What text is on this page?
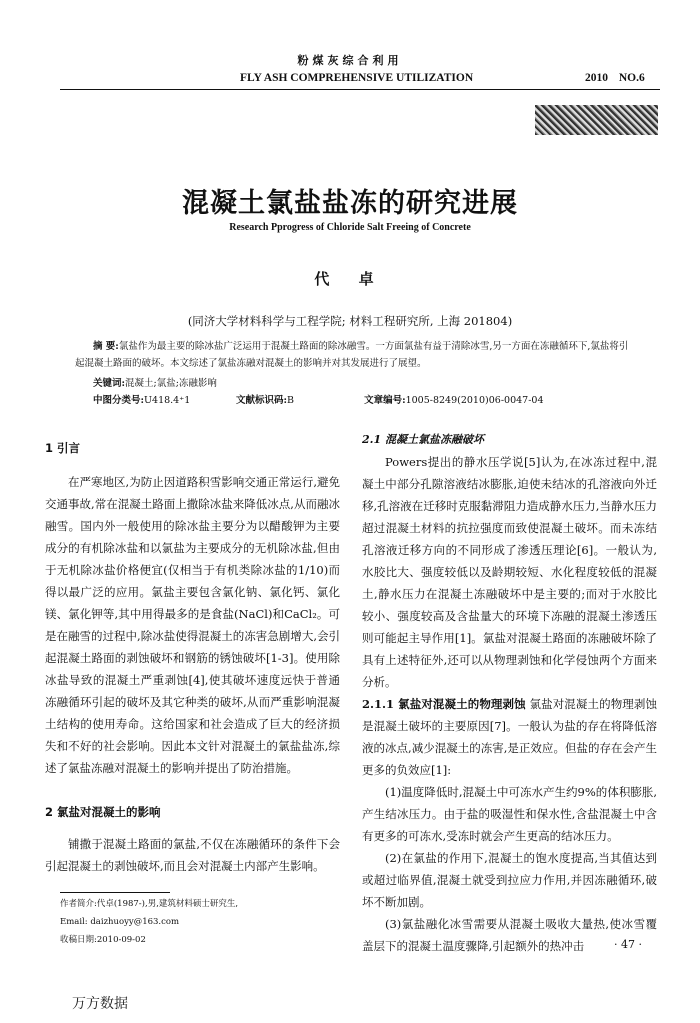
粉煤灰综合利用
FLY ASH COMPREHENSIVE UTILIZATION	2010 NO.6
混凝土氯盐盐冻的研究进展
Research Pprogress of Chloride Salt Freeing of Concrete
代 卓
(同济大学材料科学与工程学院; 材料工程研究所, 上海 201804)
摘 要:氯盐作为最主要的除冰盐广泛运用于混凝土路面的除冰融雪。一方面氯盐有益于清除冰雪,另一方面在冻融循环下,氯盐将引起混凝土路面的破坏。本文综述了氯盐冻融对混凝土的影响并对其发展进行了展望。
关键词:混凝土;氯盐;冻融影响
中图分类号:U418.4⁺1	文献标识码:B	文章编号:1005-8249(2010)06-0047-04
1 引言
在严寒地区,为防止因道路积雪影响交通正常运行,避免交通事故,常在混凝土路面上撒除冰盐来降低冰点,从而融冰融雪。国内外一般使用的除冰盐主要分为以醋酸钾为主要成分的有机除冰盐和以氯盐为主要成分的无机除冰盐,但由于无机除冰盐价格便宜(仅相当于有机类除冰盐的1/10)而得以最广泛的应用。氯盐主要包含氯化钠、氯化钙、氯化镁、氯化钾等,其中用得最多的是食盐(NaCl)和CaCl₂。可是在融雪的过程中,除冰盐使得混凝土的冻害急剧增大,会引起混凝土路面的剥蚀破坏和钢筋的锈蚀破坏[1-3]。使用除冰盐导致的混凝土严重剥蚀[4],使其破坏速度远快于普通冻融循环引起的破坏及其它种类的破坏,从而严重影响混凝土结构的使用寿命。这给国家和社会造成了巨大的经济损失和不好的社会影响。因此本文针对混凝土的氯盐盐冻,综述了氯盐冻融对混凝土的影响并提出了防治措施。
2 氯盐对混凝土的影响
铺撒于混凝土路面的氯盐,不仅在冻融循环的条件下会引起混凝土的剥蚀破坏,而且会对混凝土内部产生影响。
2.1 混凝土氯盐冻融破坏
Powers提出的静水压学说[5]认为,在冰冻过程中,混凝土中部分孔隙溶液结冰膨胀,迫使未结冰的孔溶液向外迁移,孔溶液在迁移时克服黏滞阻力造成静水压力,当静水压力超过混凝土材料的抗拉强度而致使混凝土破坏。而未冻结孔溶液迁移方向的不同形成了渗透压理论[6]。一般认为,水胶比大、强度较低以及龄期较短、水化程度较低的混凝土,静水压力在混凝土冻融破坏中是主要的;而对于水胶比较小、强度较高及含盐量大的环境下冻融的混凝土渗透压则可能起主导作用[1]。氯盐对混凝土路面的冻融破坏除了具有上述特征外,还可以从物理剥蚀和化学侵蚀两个方面来分析。
2.1.1 氯盐对混凝土的物理剥蚀 氯盐对混凝土的物理剥蚀是混凝土破坏的主要原因[7]。一般认为盐的存在将降低溶液的冰点,减少混凝土的冻害,是正效应。但盐的存在会产生更多的负效应[1]:
(1)温度降低时,混凝土中可冻水产生约9%的体积膨胀,产生结冰压力。由于盐的吸湿性和保水性,含盐混凝土中含有更多的可冻水,受冻时就会产生更高的结冰压力。
(2)在氯盐的作用下,混凝土的饱水度提高,当其值达到或超过临界值,混凝土就受到拉应力作用,并因冻融循环,破坏不断加剧。
(3)氯盐融化冰雪需要从混凝土吸收大量热,使冰雪覆盖层下的混凝土温度骤降,引起额外的热冲击
作者简介:代卓(1987-),男,建筑材料硕士研究生,
Email: daizhuoyy@163.com
收稿日期:2010-09-02	· 47 ·
万方数据
